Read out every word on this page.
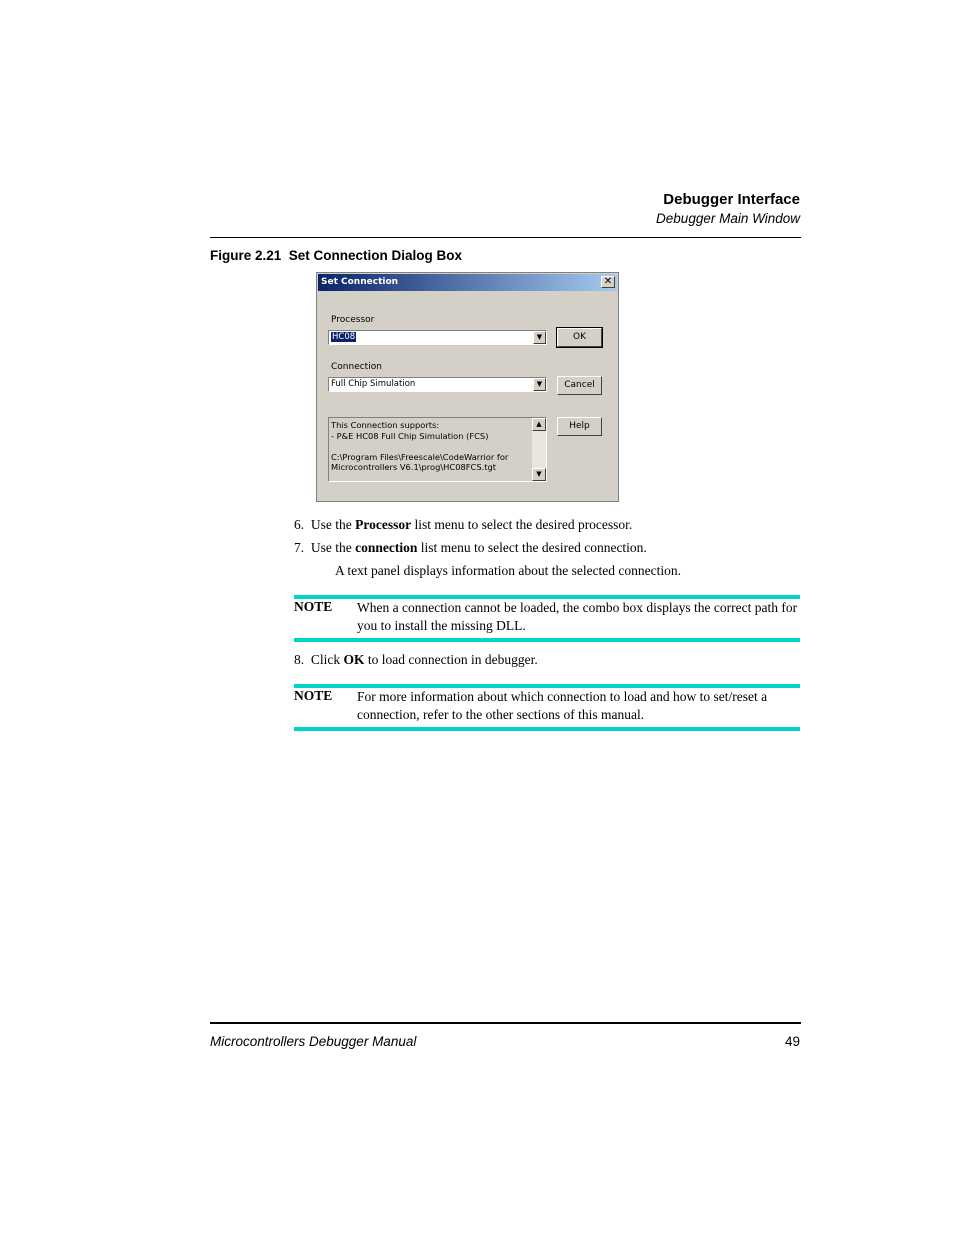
Debugger Interface
Debugger Main Window
Figure 2.21  Set Connection Dialog Box
Set Connection	✕
Processor
HC08	▼
Connection
Full Chip Simulation	▼
This Connection supports:
- P&E HC08 Full Chip Simulation (FCS)

C:\Program Files\Freescale\CodeWarrior for
Microcontrollers V6.1\prog\HC08FCS.tgt
▲
▼
OK
Cancel
Help
6. Use the Processor list menu to select the desired processor.
7. Use the connection list menu to select the desired connection.
A text panel displays information about the selected connection.
NOTE When a connection cannot be loaded, the combo box displays the correct path for you to install the missing DLL.
8. Click OK to load connection in debugger.
NOTE For more information about which connection to load and how to set/reset a connection, refer to the other sections of this manual.
Microcontrollers Debugger Manual	49
